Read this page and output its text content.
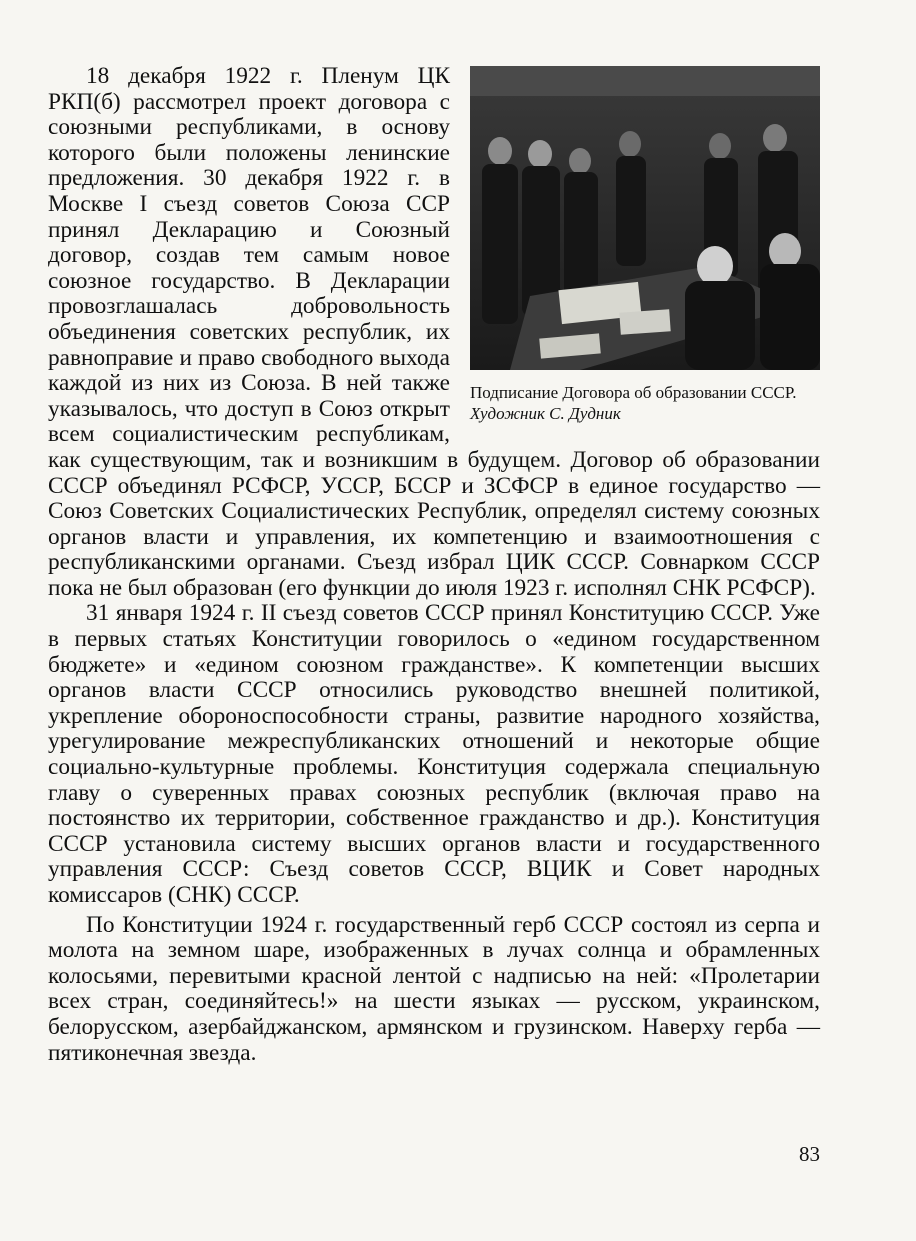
Подписание Договора об образовании СССР. Художник С. Дудник

18 декабря 1922 г. Пленум ЦК РКП(б) рассмотрел проект договора с союзными республиками, в основу которого были положены ленинские предложения. 30 декабря 1922 г. в Москве I съезд советов Союза ССР принял Декларацию и Союзный договор, создав тем самым новое союзное государство. В Декларации провозглашалась добровольность объединения советских республик, их равноправие и право свободного выхода каждой из них из Союза. В ней также указывалось, что доступ в Союз открыт всем социалистическим республикам, как существующим, так и возникшим в будущем. Договор об образовании СССР объединял РСФСР, УССР, БССР и ЗСФСР в единое государство — Союз Советских Социалистических Республик, определял систему союзных органов власти и управления, их компетенцию и взаимоотношения с республиканскими органами. Съезд избрал ЦИК СССР. Совнарком СССР пока не был образован (его функции до июля 1923 г. исполнял СНК РСФСР).

31 января 1924 г. II съезд советов СССР принял Конституцию СССР. Уже в первых статьях Конституции говорилось о «едином государственном бюджете» и «едином союзном гражданстве». К компетенции высших органов власти СССР относились руководство внешней политикой, укрепление обороноспособности страны, развитие народного хозяйства, урегулирование межреспубликанских отношений и некоторые общие социально-культурные проблемы. Конституция содержала специальную главу о суверенных правах союзных республик (включая право на постоянство их территории, собственное гражданство и др.). Конституция СССР установила систему высших органов власти и государственного управления СССР: Съезд советов СССР, ВЦИК и Совет народных комиссаров (СНК) СССР.

По Конституции 1924 г. государственный герб СССР состоял из серпа и молота на земном шаре, изображенных в лучах солнца и обрамленных колосьями, перевитыми красной лентой с надписью на ней: «Пролетарии всех стран, соединяйтесь!» на шести языках — русском, украинском, белорусском, азербайджанском, армянском и грузинском. Наверху герба — пятиконечная звезда.

83
